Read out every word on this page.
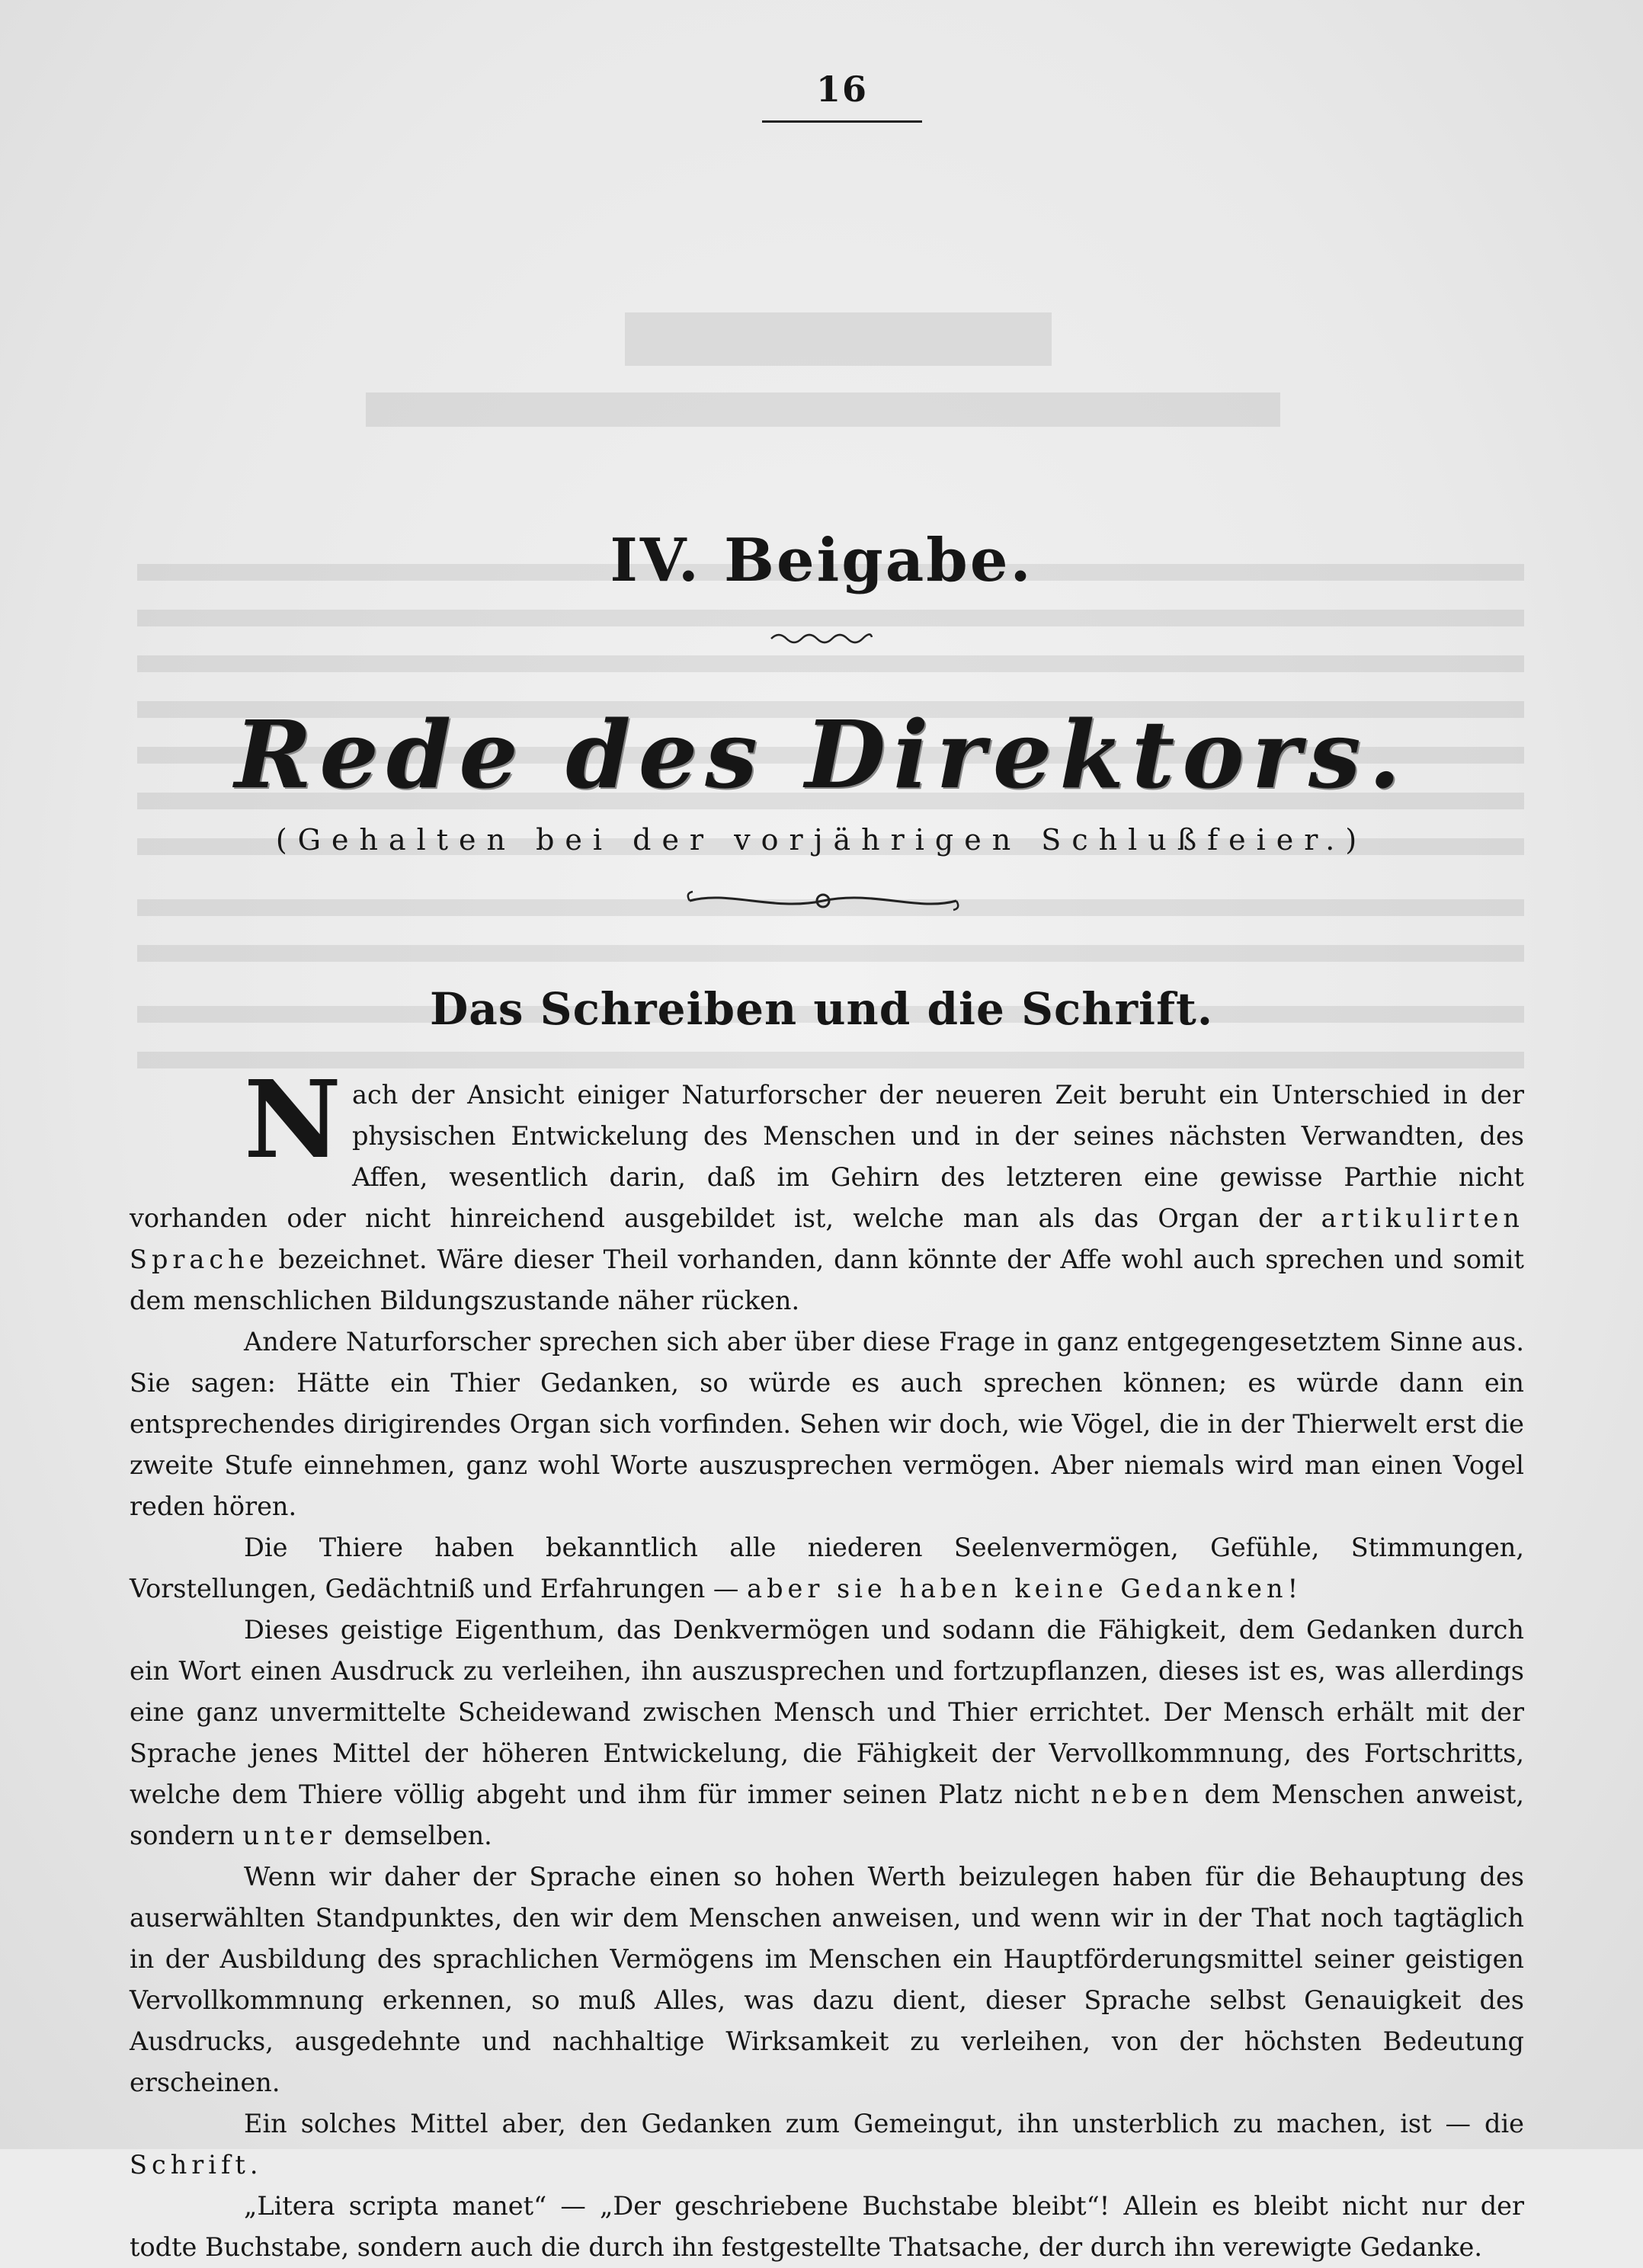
16
IV. Beigabe.
Rede des Direktors.
(Gehalten bei der vorjährigen Schlußfeier.)
Das Schreiben und die Schrift.

Nach der Ansicht einiger Naturforscher der neueren Zeit beruht ein Unterschied in der physischen Entwickelung des Menschen und in der seines nächsten Verwandten, des Affen, wesentlich darin, daß im Gehirn des letzteren eine gewisse Parthie nicht vorhanden oder nicht hinreichend ausgebildet ist, welche man als das Organ der artikulirten Sprache bezeichnet. Wäre dieser Theil vorhanden, dann könnte der Affe wohl auch sprechen und somit dem menschlichen Bildungszustande näher rücken.

Andere Naturforscher sprechen sich aber über diese Frage in ganz entgegengesetztem Sinne aus. Sie sagen: Hätte ein Thier Gedanken, so würde es auch sprechen können; es würde dann ein entsprechendes dirigirendes Organ sich vorfinden. Sehen wir doch, wie Vögel, die in der Thierwelt erst die zweite Stufe einnehmen, ganz wohl Worte auszusprechen vermögen. Aber niemals wird man einen Vogel reden hören.

Die Thiere haben bekanntlich alle niederen Seelenvermögen, Gefühle, Stimmungen, Vorstellungen, Gedächtniß und Erfahrungen — aber sie haben keine Gedanken!

Dieses geistige Eigenthum, das Denkvermögen und sodann die Fähigkeit, dem Gedanken durch ein Wort einen Ausdruck zu verleihen, ihn auszusprechen und fortzupflanzen, dieses ist es, was allerdings eine ganz unvermittelte Scheidewand zwischen Mensch und Thier errichtet. Der Mensch erhält mit der Sprache jenes Mittel der höheren Entwickelung, die Fähigkeit der Vervollkommnung, des Fortschritts, welche dem Thiere völlig abgeht und ihm für immer seinen Platz nicht neben dem Menschen anweist, sondern unter demselben.

Wenn wir daher der Sprache einen so hohen Werth beizulegen haben für die Behauptung des auserwählten Standpunktes, den wir dem Menschen anweisen, und wenn wir in der That noch tagtäglich in der Ausbildung des sprachlichen Vermögens im Menschen ein Hauptförderungsmittel seiner geistigen Vervollkommnung erkennen, so muß Alles, was dazu dient, dieser Sprache selbst Genauigkeit des Ausdrucks, ausgedehnte und nachhaltige Wirksamkeit zu verleihen, von der höchsten Bedeutung erscheinen.

Ein solches Mittel aber, den Gedanken zum Gemeingut, ihn unsterblich zu machen, ist — die Schrift.

„Litera scripta manet“ — „Der geschriebene Buchstabe bleibt“! Allein es bleibt nicht nur der todte Buchstabe, sondern auch die durch ihn festgestellte Thatsache, der durch ihn verewigte Gedanke.
